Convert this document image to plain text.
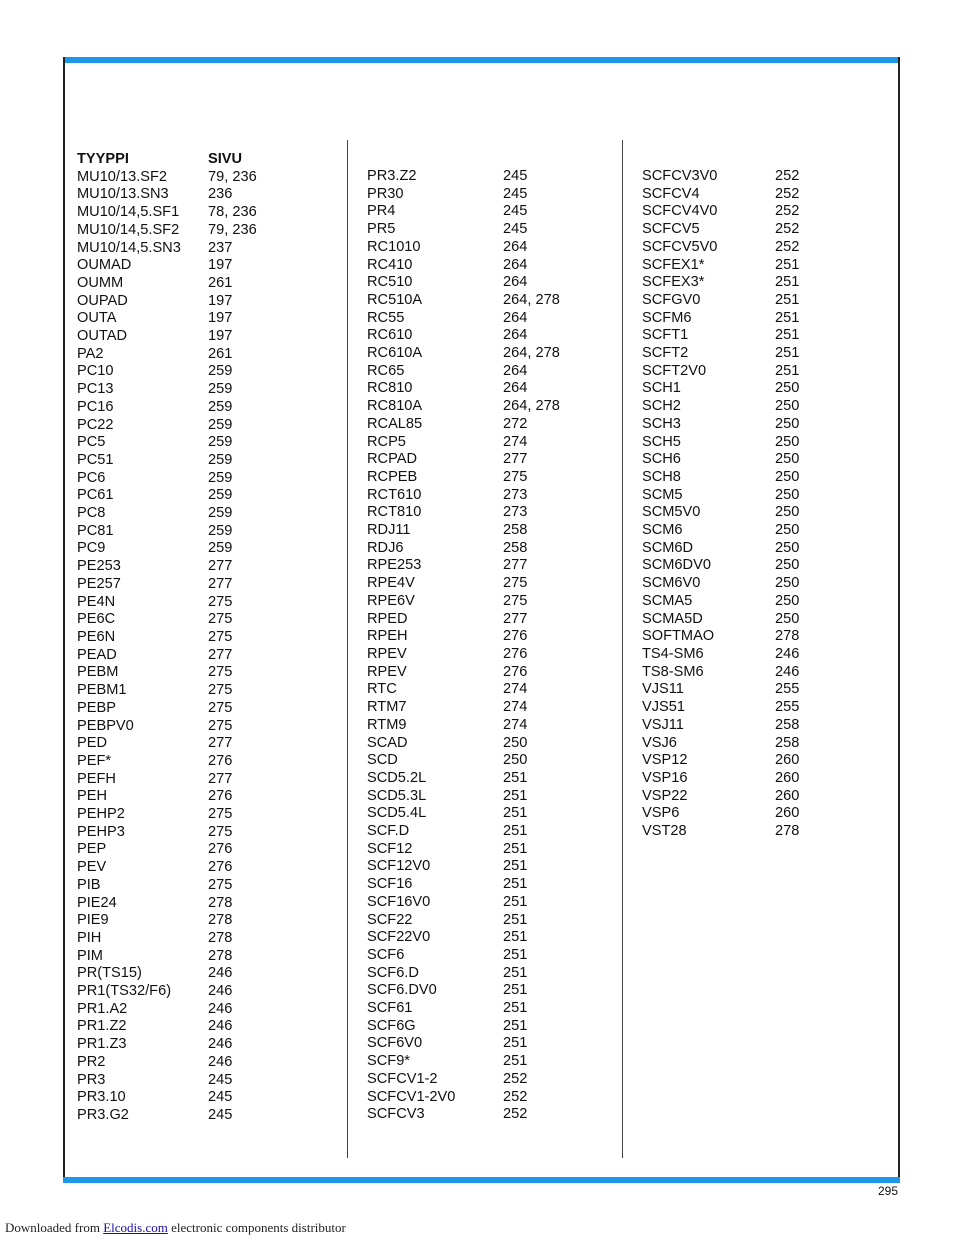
TYYPPI	SIVU
MU10/13.SF2	79, 236
MU10/13.SN3	236
MU10/14,5.SF1	78, 236
MU10/14,5.SF2	79, 236
MU10/14,5.SN3	237
OUMAD	197
OUMM	261
OUPAD	197
OUTA	197
OUTAD	197
PA2	261
PC10	259
PC13	259
PC16	259
PC22	259
PC5	259
PC51	259
PC6	259
PC61	259
PC8	259
PC81	259
PC9	259
PE253	277
PE257	277
PE4N	275
PE6C	275
PE6N	275
PEAD	277
PEBM	275
PEBM1	275
PEBP	275
PEBPV0	275
PED	277
PEF*	276
PEFH	277
PEH	276
PEHP2	275
PEHP3	275
PEP	276
PEV	276
PIB	275
PIE24	278
PIE9	278
PIH	278
PIM	278
PR(TS15)	246
PR1(TS32/F6)	246
PR1.A2	246
PR1.Z2	246
PR1.Z3	246
PR2	246
PR3	245
PR3.10	245
PR3.G2	245
PR3.Z2	245
PR30	245
PR4	245
PR5	245
RC1010	264
RC410	264
RC510	264
RC510A	264, 278
RC55	264
RC610	264
RC610A	264, 278
RC65	264
RC810	264
RC810A	264, 278
RCAL85	272
RCP5	274
RCPAD	277
RCPEB	275
RCT610	273
RCT810	273
RDJ11	258
RDJ6	258
RPE253	277
RPE4V	275
RPE6V	275
RPED	277
RPEH	276
RPEV	276
RPEV	276
RTC	274
RTM7	274
RTM9	274
SCAD	250
SCD	250
SCD5.2L	251
SCD5.3L	251
SCD5.4L	251
SCF.D	251
SCF12	251
SCF12V0	251
SCF16	251
SCF16V0	251
SCF22	251
SCF22V0	251
SCF6	251
SCF6.D	251
SCF6.DV0	251
SCF61	251
SCF6G	251
SCF6V0	251
SCF9*	251
SCFCV1-2	252
SCFCV1-2V0	252
SCFCV3	252
SCFCV3V0	252
SCFCV4	252
SCFCV4V0	252
SCFCV5	252
SCFCV5V0	252
SCFEX1*	251
SCFEX3*	251
SCFGV0	251
SCFM6	251
SCFT1	251
SCFT2	251
SCFT2V0	251
SCH1	250
SCH2	250
SCH3	250
SCH5	250
SCH6	250
SCH8	250
SCM5	250
SCM5V0	250
SCM6	250
SCM6D	250
SCM6DV0	250
SCM6V0	250
SCMA5	250
SCMA5D	250
SOFTMAO	278
TS4-SM6	246
TS8-SM6	246
VJS11	255
VJS51	255
VSJ11	258
VSJ6	258
VSP12	260
VSP16	260
VSP22	260
VSP6	260
VST28	278
295
Downloaded from Elcodis.com electronic components distributor
